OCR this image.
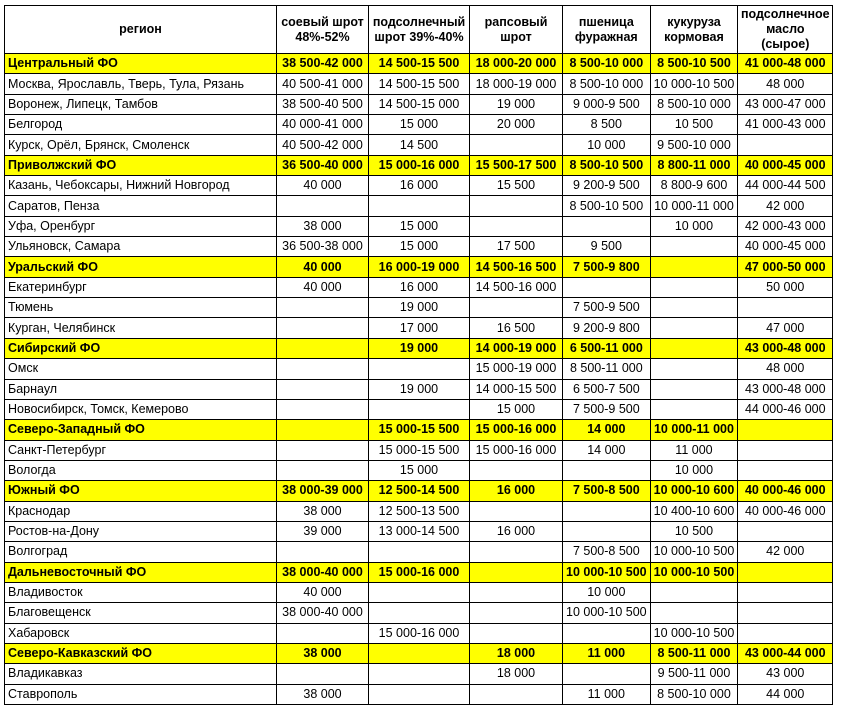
регион	соевый шрот 48%-52%	подсолнечный шрот 39%-40%	рапсовый шрот	пшеница фуражная	кукуруза кормовая	подсолнечное масло (сырое)
Центральный ФО	38 500-42 000	14 500-15 500	18 000-20 000	8 500-10 000	8 500-10 500	41 000-48 000
Москва, Ярославль, Тверь, Тула, Рязань	40 500-41 000	14 500-15 500	18 000-19 000	8 500-10 000	10 000-10 500	48 000
Воронеж, Липецк, Тамбов	38 500-40 500	14 500-15 000	19 000	9 000-9 500	8 500-10 000	43 000-47 000
Белгород	40 000-41 000	15 000	20 000	8 500	10 500	41 000-43 000
Курск, Орёл, Брянск, Смоленск	40 500-42 000	14 500		10 000	9 500-10 000	
Приволжский ФО	36 500-40 000	15 000-16 000	15 500-17 500	8 500-10 500	8 800-11 000	40 000-45 000
Казань, Чебоксары, Нижний Новгород	40 000	16 000	15 500	9 200-9 500	8 800-9 600	44 000-44 500
Саратов, Пенза				8 500-10 500	10 000-11 000	42 000
Уфа, Оренбург	38 000	15 000			10 000	42 000-43 000
Ульяновск, Самара	36 500-38 000	15 000	17 500	9 500		40 000-45 000
Уральский ФО	40 000	16 000-19 000	14 500-16 500	7 500-9 800		47 000-50 000
Екатеринбург	40 000	16 000	14 500-16 000			50 000
Тюмень		19 000		7 500-9 500		
Курган, Челябинск		17 000	16 500	9 200-9 800		47 000
Сибирский ФО		19 000	14 000-19 000	6 500-11 000		43 000-48 000
Омск			15 000-19 000	8 500-11 000		48 000
Барнаул		19 000	14 000-15 500	6 500-7 500		43 000-48 000
Новосибирск, Томск, Кемерово			15 000	7 500-9 500		44 000-46 000
Северо-Западный ФО		15 000-15 500	15 000-16 000	14 000	10 000-11 000	
Санкт-Петербург		15 000-15 500	15 000-16 000	14 000	11 000	
Вологда		15 000			10 000	
Южный ФО	38 000-39 000	12 500-14 500	16 000	7 500-8 500	10 000-10 600	40 000-46 000
Краснодар	38 000	12 500-13 500			10 400-10 600	40 000-46 000
Ростов-на-Дону	39 000	13 000-14 500	16 000		10 500	
Волгоград				7 500-8 500	10 000-10 500	42 000
Дальневосточный ФО	38 000-40 000	15 000-16 000		10 000-10 500	10 000-10 500	
Владивосток	40 000			10 000		
Благовещенск	38 000-40 000			10 000-10 500		
Хабаровск		15 000-16 000			10 000-10 500	
Северо-Кавказский ФО	38 000		18 000	11 000	8 500-11 000	43 000-44 000
Владикавказ			18 000		9 500-11 000	43 000
Ставрополь	38 000			11 000	8 500-10 000	44 000
